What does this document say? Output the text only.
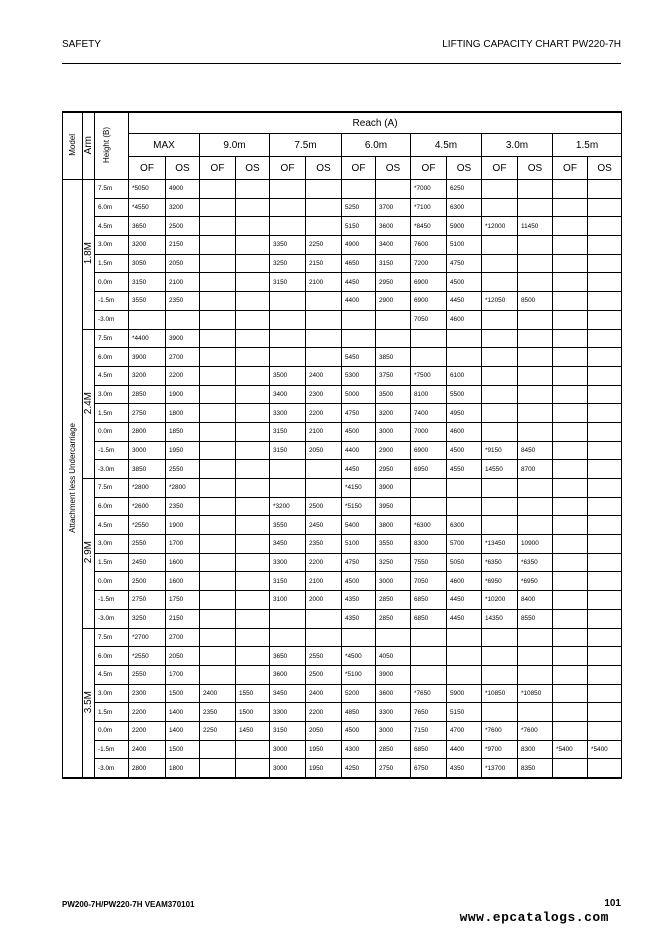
SAFETY	LIFTING CAPACITY CHART PW220-7H
Model	Arm	Height (B)	Reach (A)													
			MAX		9.0m		7.5m		6.0m		4.5m		3.0m		1.5m	
			OF	OS	OF	OS	OF	OS	OF	OS	OF	OS	OF	OS	OF	OS
Attachment less Undercarriage	1.8M	7.5m	*5050	4900							*7000	6250				
		6.0m	*4550	3200					5250	3700	*7100	6300				
		4.5m	3650	2500					5150	3600	*8450	5900	*12000	11450		
		3.0m	3200	2150			3350	2250	4900	3400	7600	5100				
		1.5m	3050	2050			3250	2150	4650	3150	7200	4750				
		0.0m	3150	2100			3150	2100	4450	2950	6900	4500				
		-1.5m	3550	2350					4400	2900	6900	4450	*12050	8500		
		-3.0m									7050	4600				
	2.4M	7.5m	*4400	3900												
		6.0m	3900	2700					5450	3850						
		4.5m	3200	2200			3500	2400	5300	3750	*7500	6100				
		3.0m	2850	1900			3400	2300	5000	3500	8100	5500				
		1.5m	2750	1800			3300	2200	4750	3200	7400	4950				
		0.0m	2800	1850			3150	2100	4500	3000	7000	4600				
		-1.5m	3000	1950			3150	2050	4400	2900	6900	4500	*9150	8450		
		-3.0m	3850	2550					4450	2950	6950	4550	14550	8700		
	2.9M	7.5m	*2800	*2800					*4150	3900						
		6.0m	*2600	2350			*3200	2500	*5150	3950						
		4.5m	*2550	1900			3550	2450	5400	3800	*6300	6300				
		3.0m	2550	1700			3450	2350	5100	3550	8300	5700	*13450	10900		
		1.5m	2450	1600			3300	2200	4750	3250	7550	5050	*6350	*6350		
		0.0m	2500	1600			3150	2100	4500	3000	7050	4600	*6950	*6950		
		-1.5m	2750	1750			3100	2000	4350	2850	6850	4450	*10200	8400		
		-3.0m	3250	2150					4350	2850	6850	4450	14350	8550		
	3.5M	7.5m	*2700	2700												
		6.0m	*2550	2050			3650	2550	*4500	4050						
		4.5m	2550	1700			3600	2500	*5100	3900						
		3.0m	2300	1500	2400	1550	3450	2400	5200	3600	*7650	5900	*10850	*10850		
		1.5m	2200	1400	2350	1500	3300	2200	4850	3300	7650	5150				
		0.0m	2200	1400	2250	1450	3150	2050	4500	3000	7150	4700	*7600	*7600		
		-1.5m	2400	1500			3000	1950	4300	2850	6850	4400	*9700	8300	*5400	*5400
		-3.0m	2800	1800			3000	1950	4250	2750	6750	4350	*13700	8350		
PW200-7H/PW220-7H VEAM370101	101
www.epcatalogs.com
